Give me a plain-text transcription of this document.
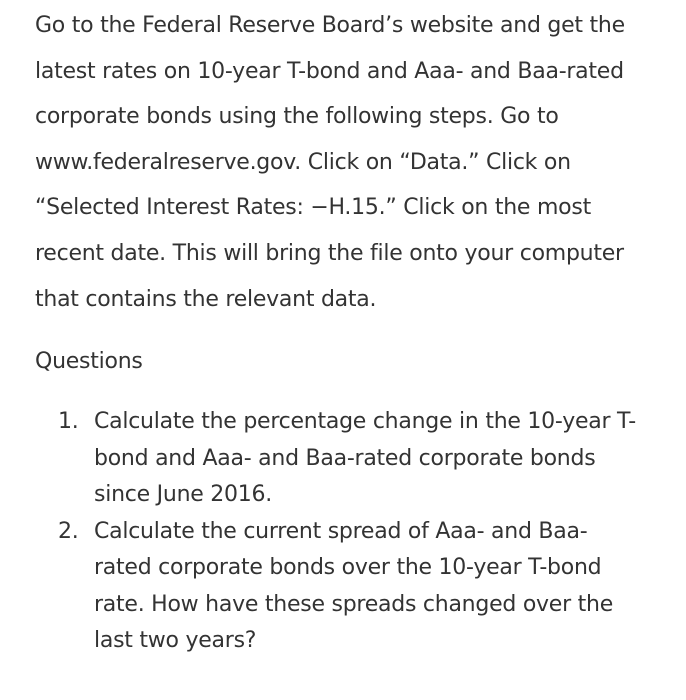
Go to the Federal Reserve Board’s website and get the
latest rates on 10-year T-bond and Aaa- and Baa-rated
corporate bonds using the following steps. Go to
www.federalreserve.gov. Click on “Data.” Click on
“Selected Interest Rates: −H.15.” Click on the most
recent date. This will bring the file onto your computer
that contains the relevant data.

Questions
1. Calculate the percentage change in the 10-year T-
bond and Aaa- and Baa-rated corporate bonds
since June 2016.
2. Calculate the current spread of Aaa- and Baa-
rated corporate bonds over the 10-year T-bond
rate. How have these spreads changed over the
last two years?
